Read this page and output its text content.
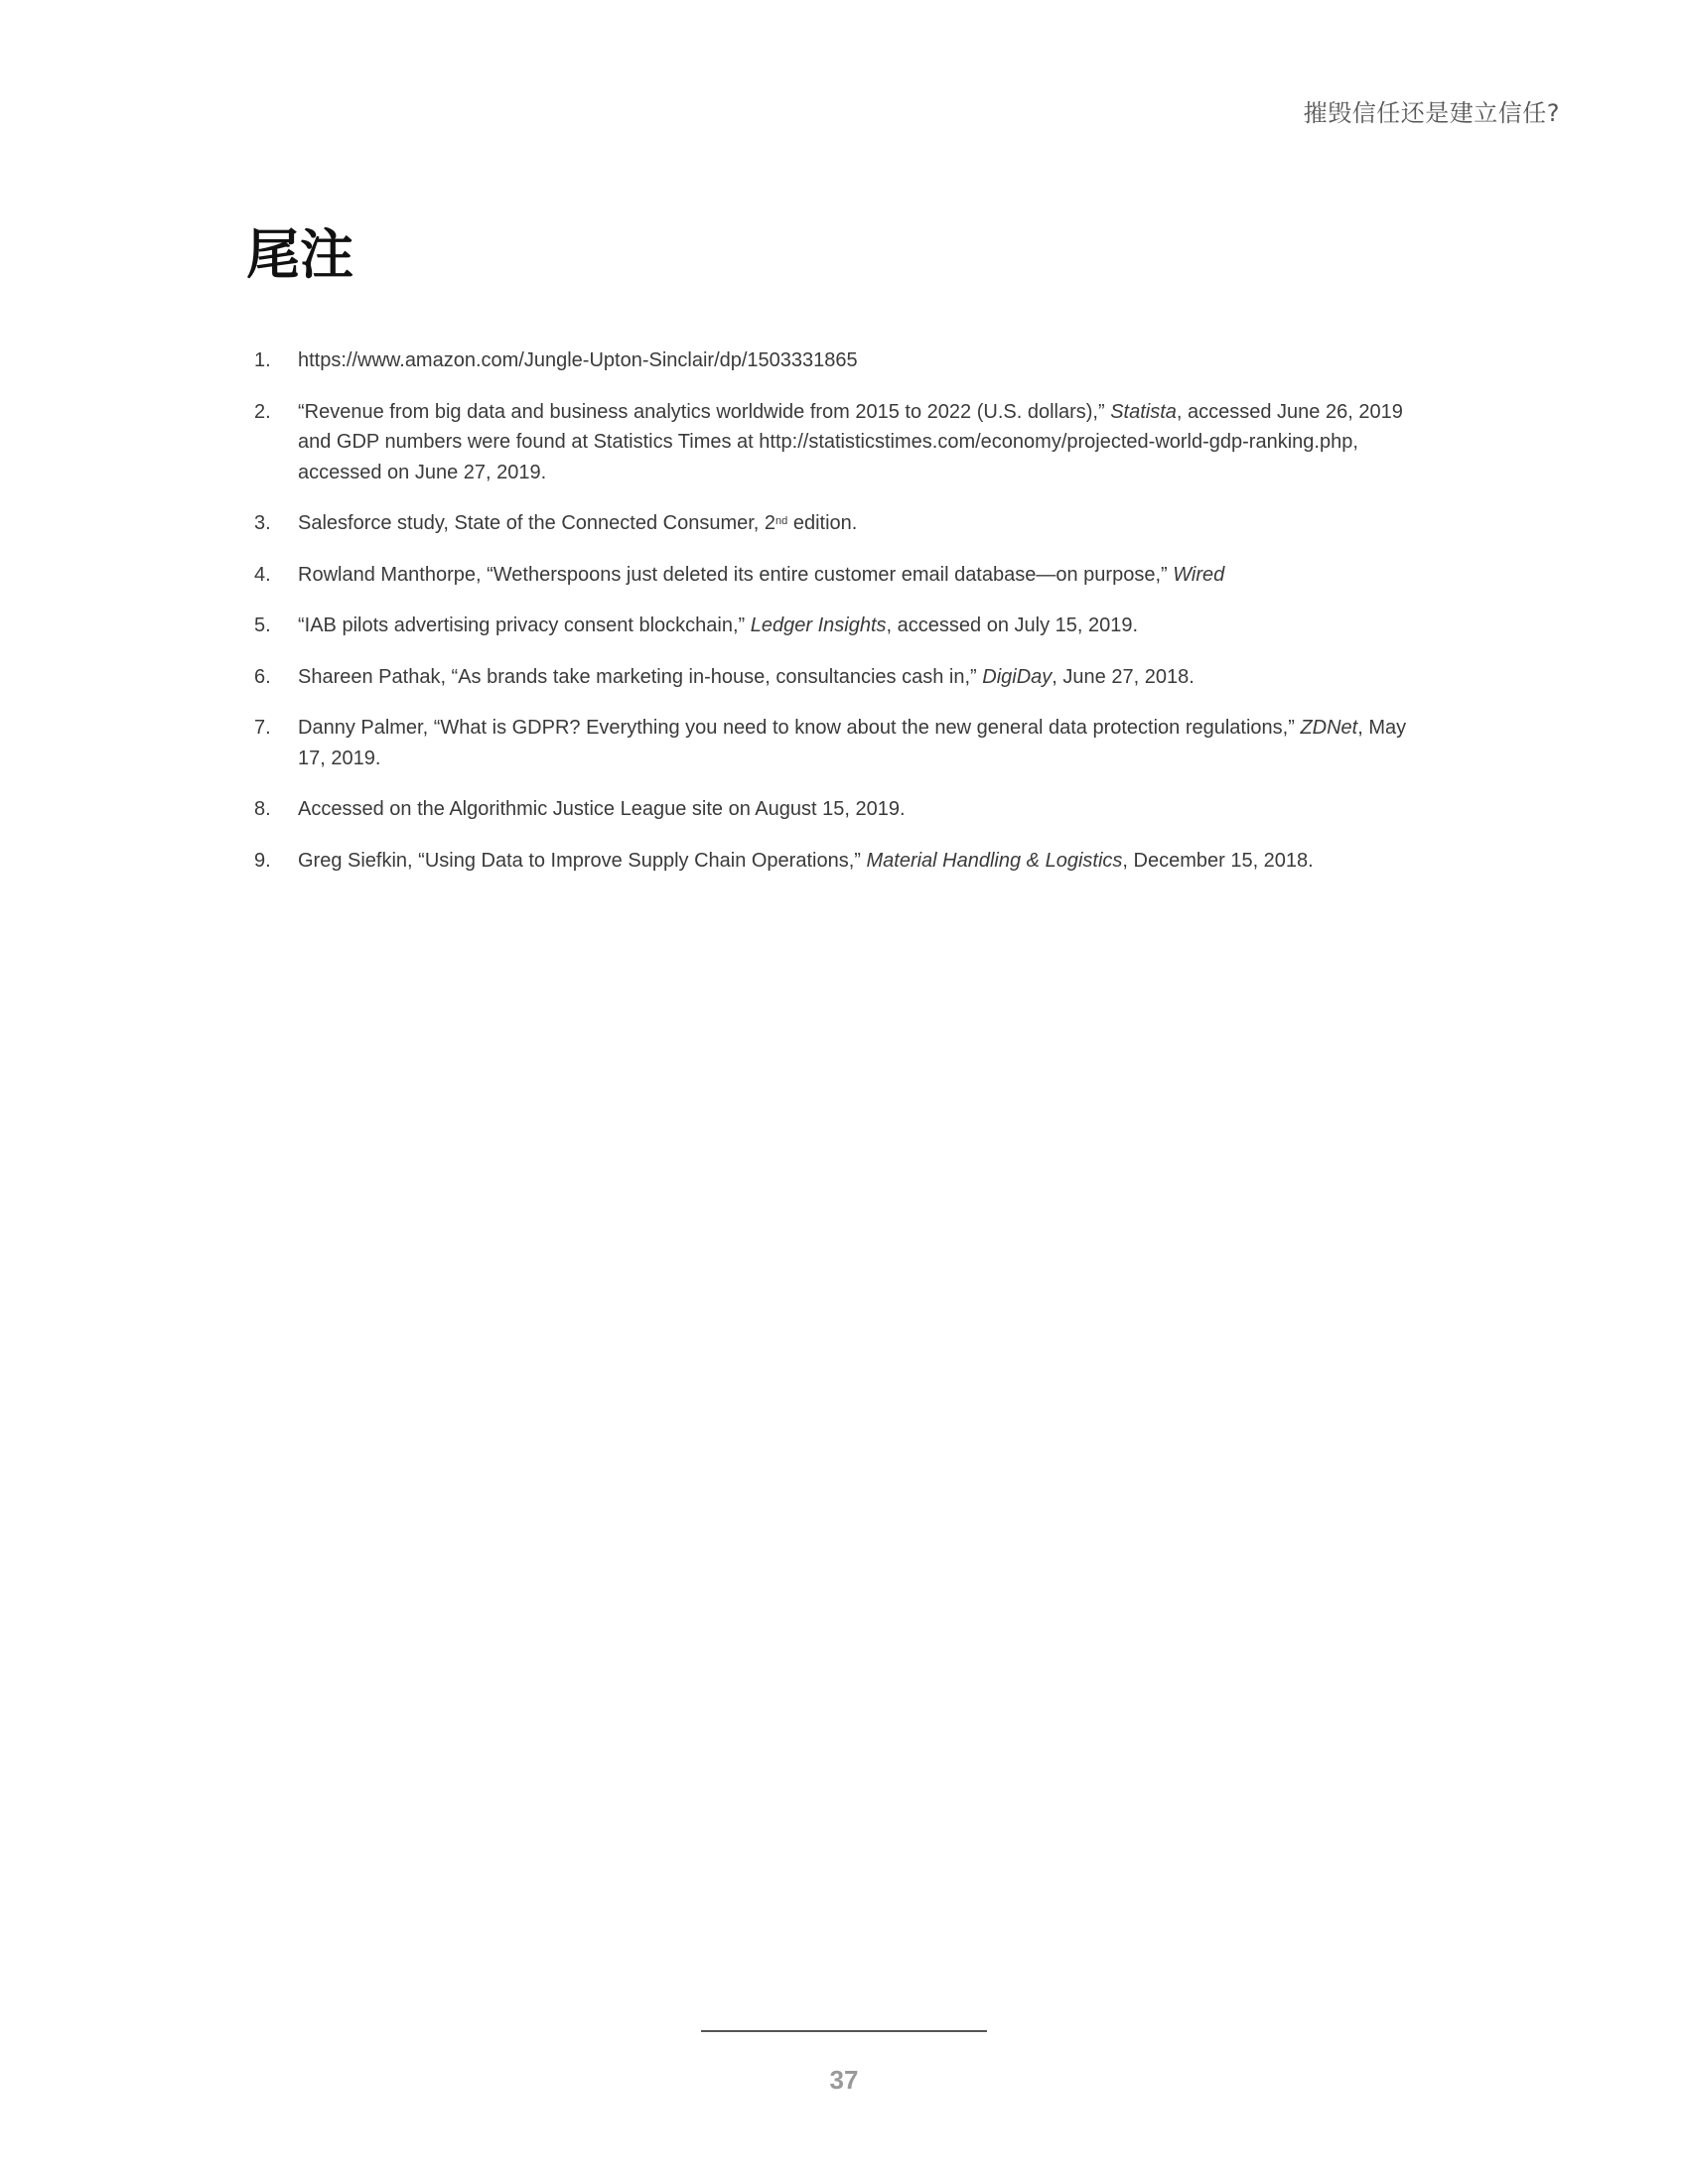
摧毁信任还是建立信任?
尾注
1. https://www.amazon.com/Jungle-Upton-Sinclair/dp/1503331865
2. “Revenue from big data and business analytics worldwide from 2015 to 2022 (U.S. dollars),” Statista, accessed June 26, 2019 and GDP numbers were found at Statistics Times at http://statisticstimes.com/economy/projected-world-gdp-ranking.php, accessed on June 27, 2019.
3. Salesforce study, State of the Connected Consumer, 2nd edition.
4. Rowland Manthorpe, “Wetherspoons just deleted its entire customer email database—on purpose,” Wired
5. “IAB pilots advertising privacy consent blockchain,” Ledger Insights, accessed on July 15, 2019.
6. Shareen Pathak, “As brands take marketing in-house, consultancies cash in,” DigiDay, June 27, 2018.
7. Danny Palmer, “What is GDPR? Everything you need to know about the new general data protection regulations,” ZDNet, May 17, 2019.
8. Accessed on the Algorithmic Justice League site on August 15, 2019.
9. Greg Siefkin, “Using Data to Improve Supply Chain Operations,” Material Handling & Logistics, December 15, 2018.
37
